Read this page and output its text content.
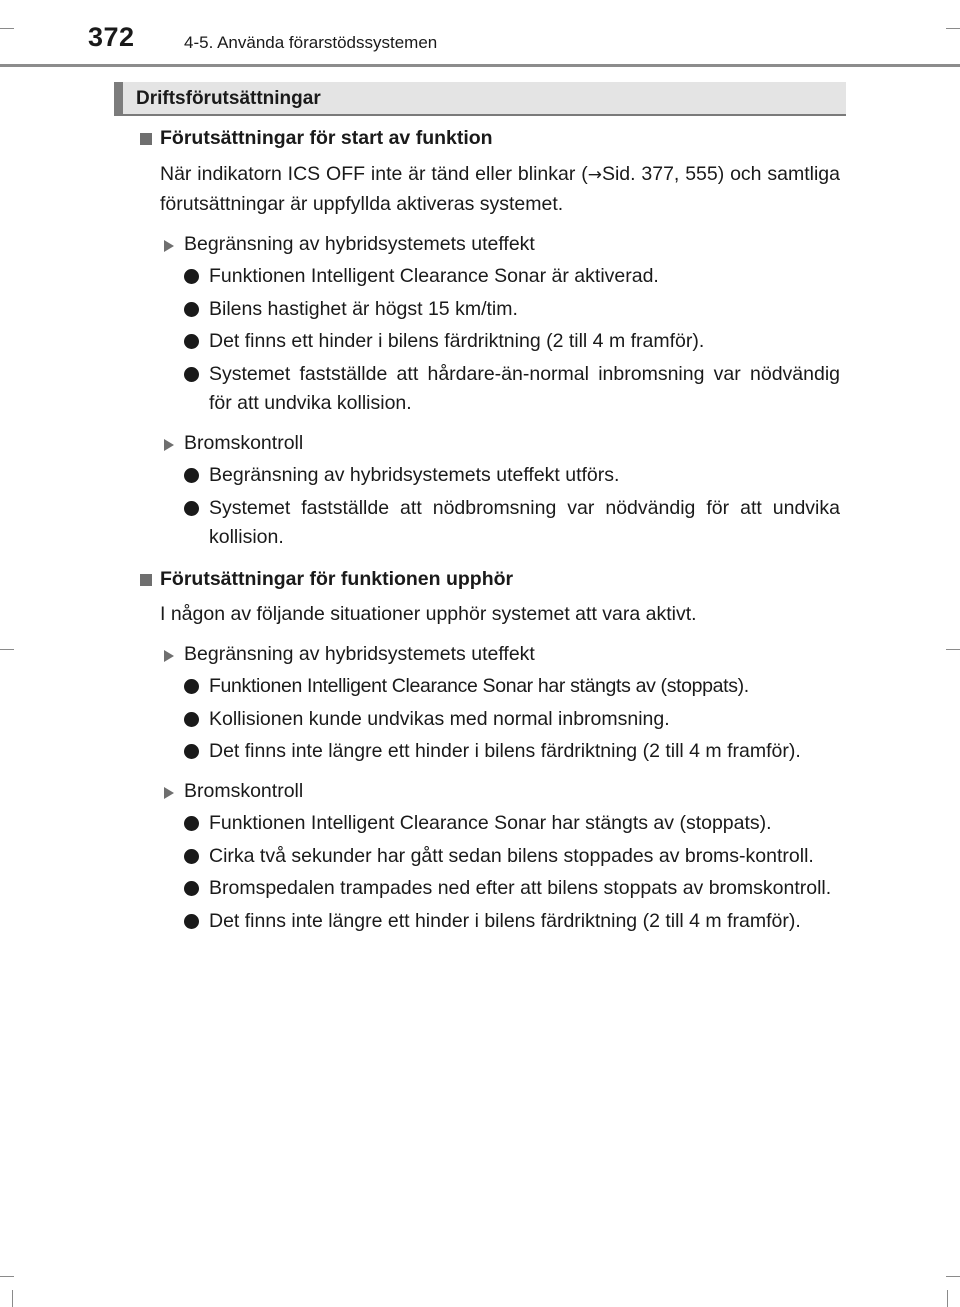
372	4-5. Använda förarstödssystemen
Driftsförutsättningar
Förutsättningar för start av funktion
När indikatorn ICS OFF inte är tänd eller blinkar (→Sid. 377, 555) och samtliga förutsättningar är uppfyllda aktiveras systemet.
Begränsning av hybridsystemets uteffekt
Funktionen Intelligent Clearance Sonar är aktiverad.
Bilens hastighet är högst 15 km/tim.
Det finns ett hinder i bilens färdriktning (2 till 4 m framför).
Systemet fastställde att hårdare-än-normal inbromsning var nödvändig för att undvika kollision.
Bromskontroll
Begränsning av hybridsystemets uteffekt utförs.
Systemet fastställde att nödbromsning var nödvändig för att undvika kollision.
Förutsättningar för funktionen upphör
I någon av följande situationer upphör systemet att vara aktivt.
Begränsning av hybridsystemets uteffekt
Funktionen Intelligent Clearance Sonar har stängts av (stoppats).
Kollisionen kunde undvikas med normal inbromsning.
Det finns inte längre ett hinder i bilens färdriktning (2 till 4 m framför).
Bromskontroll
Funktionen Intelligent Clearance Sonar har stängts av (stoppats).
Cirka två sekunder har gått sedan bilens stoppades av broms-kontroll.
Bromspedalen trampades ned efter att bilens stoppats av bromskontroll.
Det finns inte längre ett hinder i bilens färdriktning (2 till 4 m framför).
